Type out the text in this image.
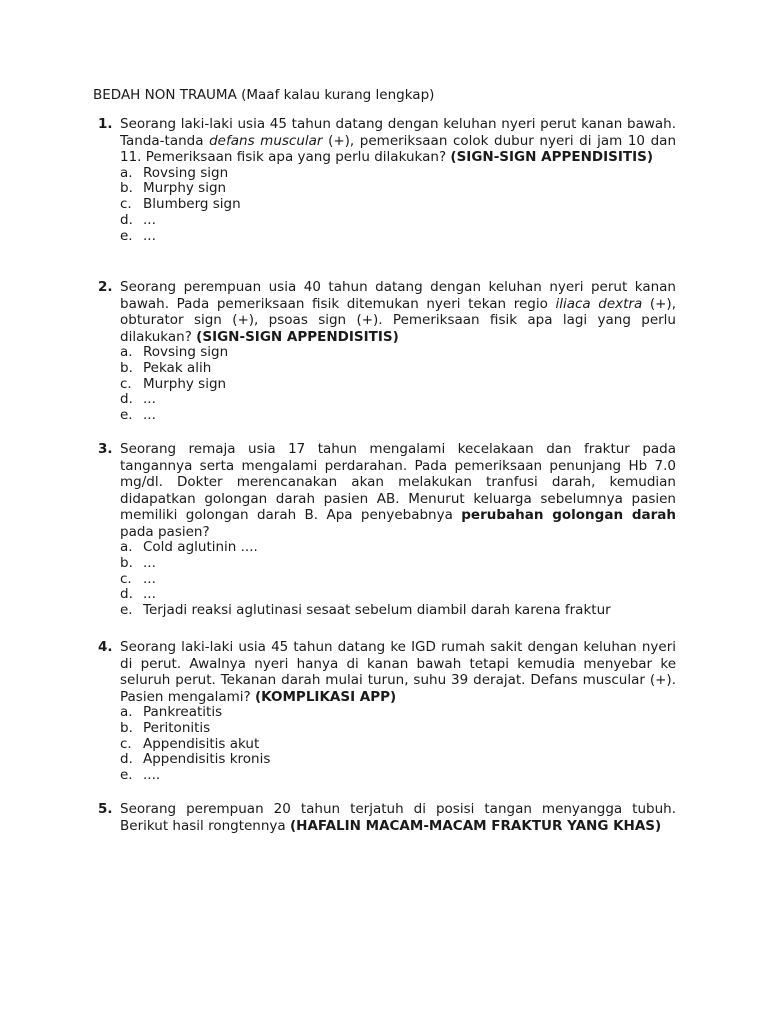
BEDAH NON TRAUMA (Maaf kalau kurang lengkap)
1. Seorang laki-laki usia 45 tahun datang dengan keluhan nyeri perut kanan bawah. Tanda-tanda defans muscular (+), pemeriksaan colok dubur nyeri di jam 10 dan 11. Pemeriksaan fisik apa yang perlu dilakukan? (SIGN-SIGN APPENDISITIS)
a. Rovsing sign
b. Murphy sign
c. Blumberg sign
d. ...
e. ...
2. Seorang perempuan usia 40 tahun datang dengan keluhan nyeri perut kanan bawah. Pada pemeriksaan fisik ditemukan nyeri tekan regio iliaca dextra (+), obturator sign (+), psoas sign (+). Pemeriksaan fisik apa lagi yang perlu dilakukan? (SIGN-SIGN APPENDISITIS)
a. Rovsing sign
b. Pekak alih
c. Murphy sign
d. ...
e. ...
3. Seorang remaja usia 17 tahun mengalami kecelakaan dan fraktur pada tangannya serta mengalami perdarahan. Pada pemeriksaan penunjang Hb 7.0 mg/dl. Dokter merencanakan akan melakukan tranfusi darah, kemudian didapatkan golongan darah pasien AB. Menurut keluarga sebelumnya pasien memiliki golongan darah B. Apa penyebabnya perubahan golongan darah pada pasien?
a. Cold aglutinin ....
b. ...
c. ...
d. ...
e. Terjadi reaksi aglutinasi sesaat sebelum diambil darah karena fraktur
4. Seorang laki-laki usia 45 tahun datang ke IGD rumah sakit dengan keluhan nyeri di perut. Awalnya nyeri hanya di kanan bawah tetapi kemudia menyebar ke seluruh perut. Tekanan darah mulai turun, suhu 39 derajat. Defans muscular (+). Pasien mengalami? (KOMPLIKASI APP)
a. Pankreatitis
b. Peritonitis
c. Appendisitis akut
d. Appendisitis kronis
e. ....
5. Seorang perempuan 20 tahun terjatuh di posisi tangan menyangga tubuh. Berikut hasil rongtennya (HAFALIN MACAM-MACAM FRAKTUR YANG KHAS)
